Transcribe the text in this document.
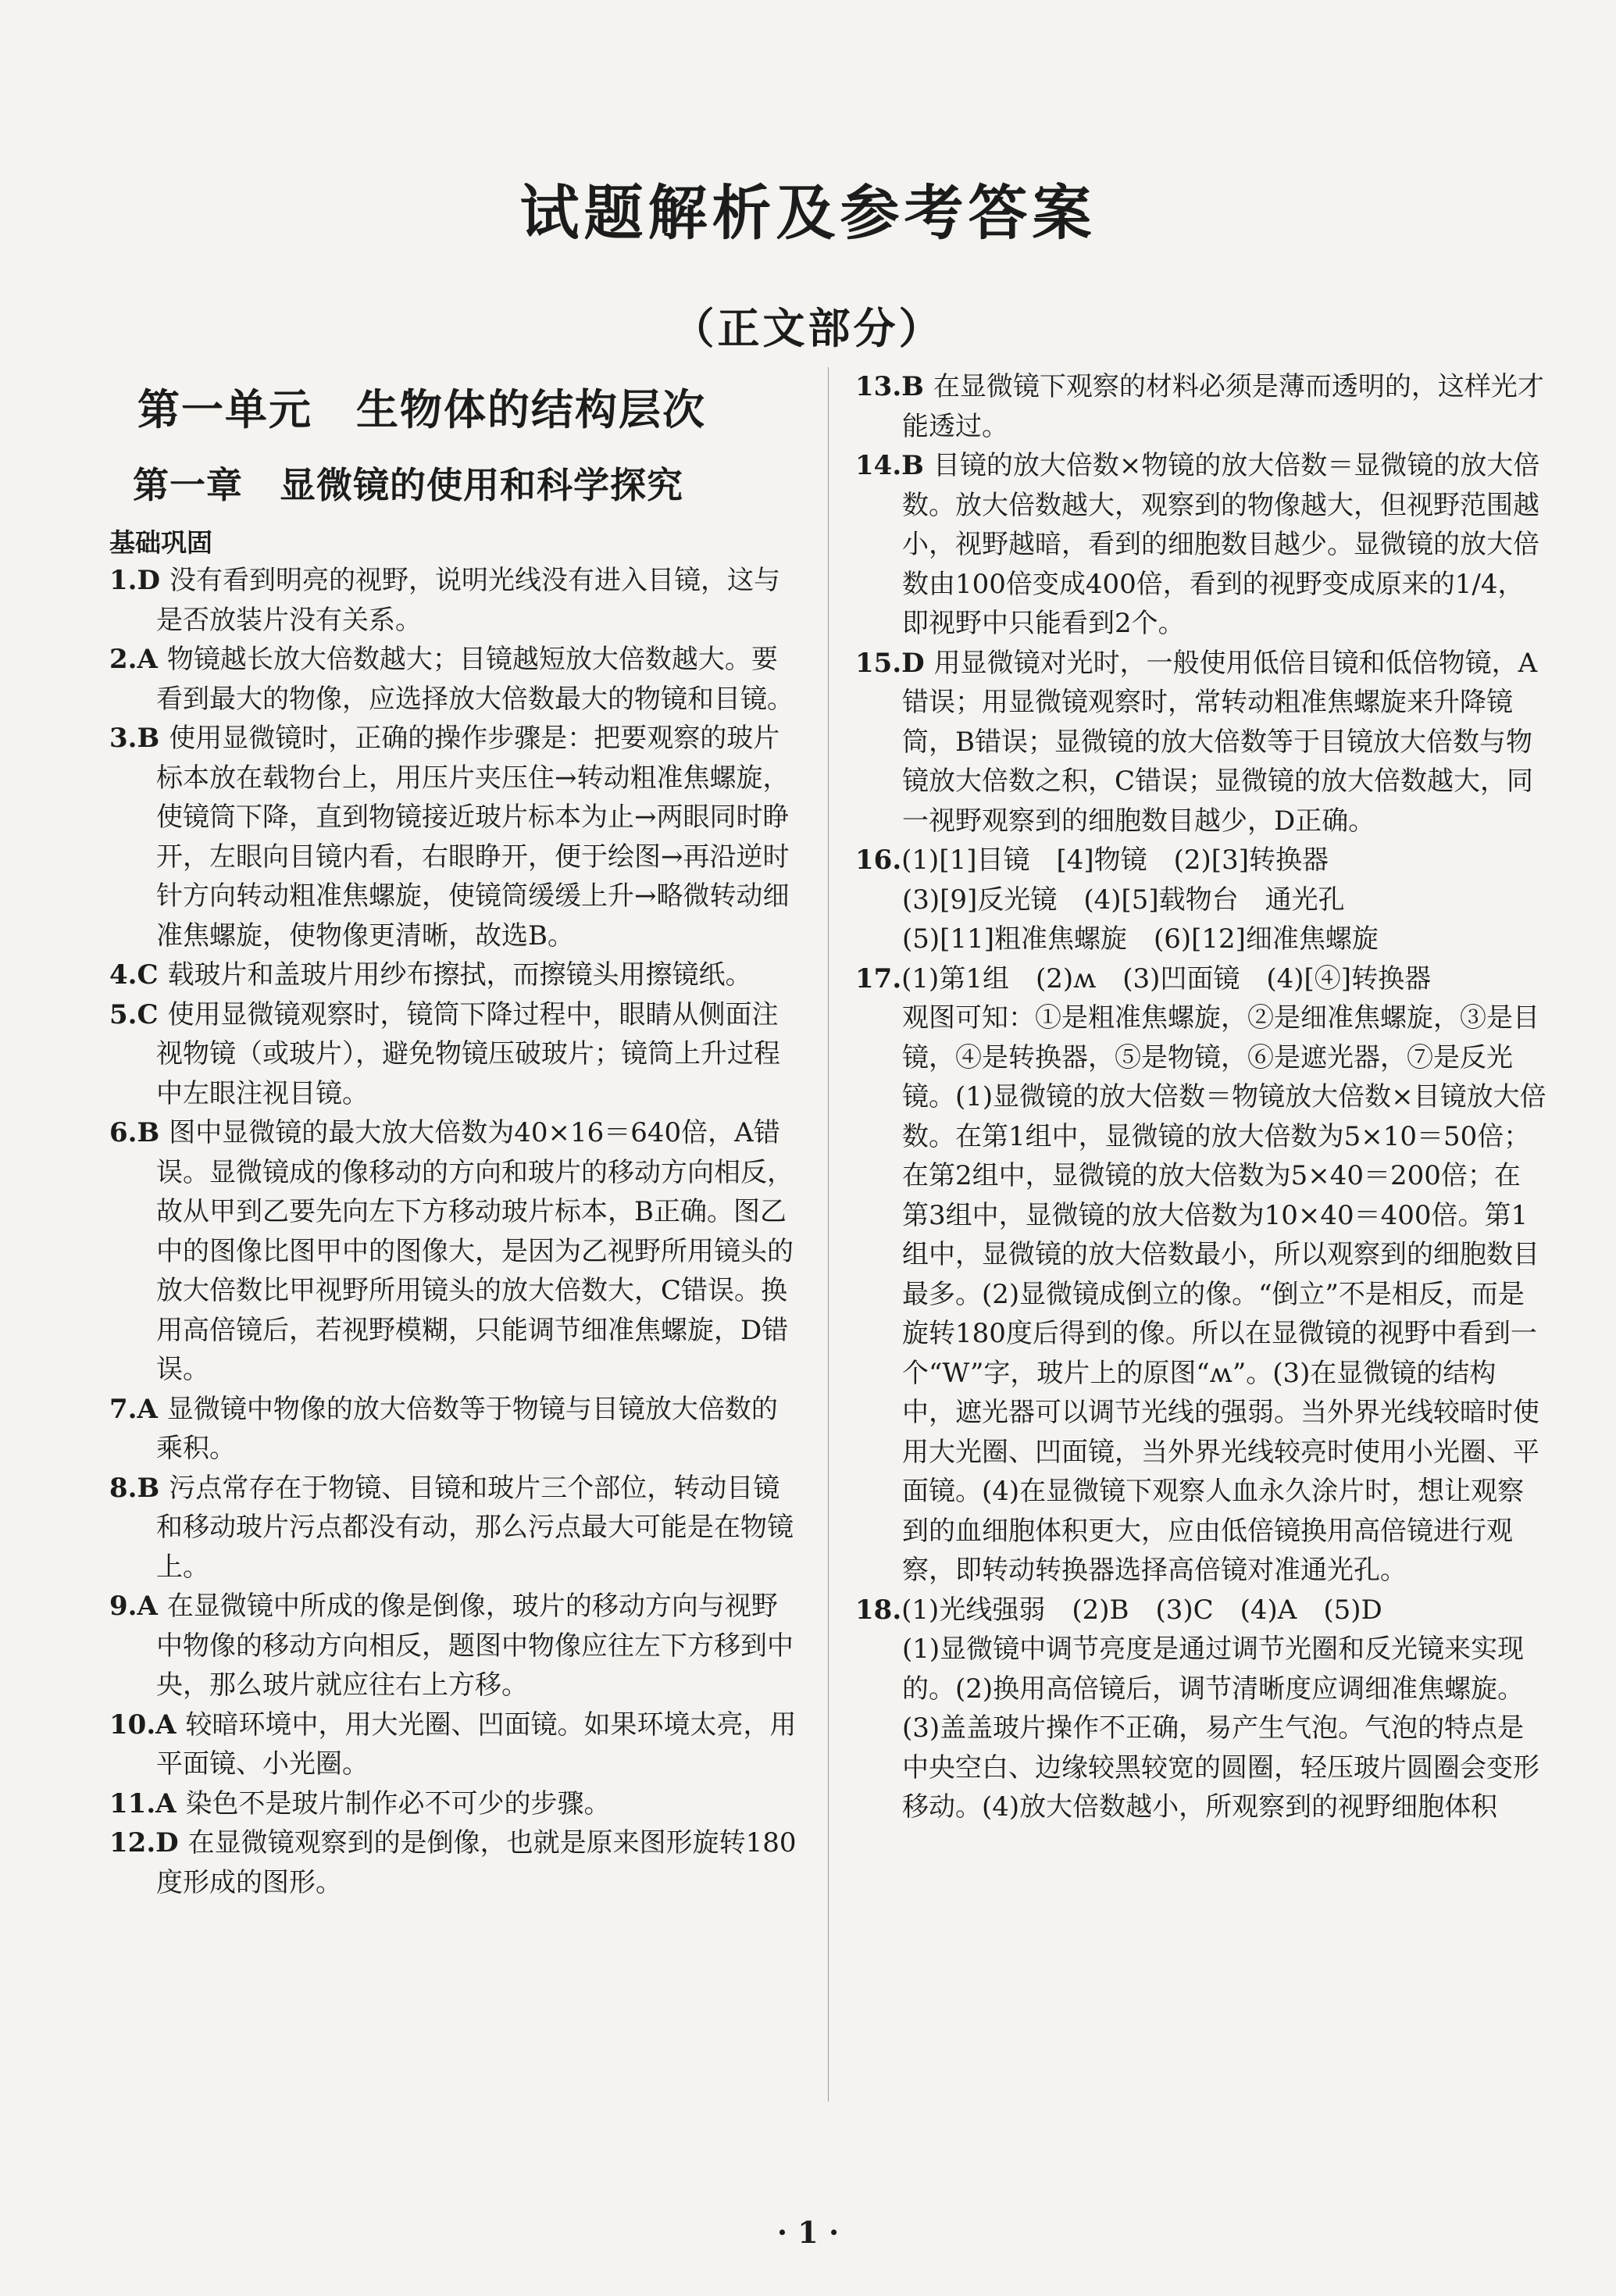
试题解析及参考答案
（正文部分）
第一单元　生物体的结构层次
第一章　显微镜的使用和科学探究
基础巩固

1.D 没有看到明亮的视野，说明光线没有进入目镜，这与是否放装片没有关系。

2.A 物镜越长放大倍数越大；目镜越短放大倍数越大。要看到最大的物像，应选择放大倍数最大的物镜和目镜。

3.B 使用显微镜时，正确的操作步骤是：把要观察的玻片标本放在载物台上，用压片夹压住→转动粗准焦螺旋，使镜筒下降，直到物镜接近玻片标本为止→两眼同时睁开，左眼向目镜内看，右眼睁开，便于绘图→再沿逆时针方向转动粗准焦螺旋，使镜筒缓缓上升→略微转动细准焦螺旋，使物像更清晰，故选B。

4.C 载玻片和盖玻片用纱布擦拭，而擦镜头用擦镜纸。

5.C 使用显微镜观察时，镜筒下降过程中，眼睛从侧面注视物镜（或玻片），避免物镜压破玻片；镜筒上升过程中左眼注视目镜。

6.B 图中显微镜的最大放大倍数为40×16＝640倍，A错误。显微镜成的像移动的方向和玻片的移动方向相反，故从甲到乙要先向左下方移动玻片标本，B正确。图乙中的图像比图甲中的图像大，是因为乙视野所用镜头的放大倍数比甲视野所用镜头的放大倍数大，C错误。换用高倍镜后，若视野模糊，只能调节细准焦螺旋，D错误。

7.A 显微镜中物像的放大倍数等于物镜与目镜放大倍数的乘积。

8.B 污点常存在于物镜、目镜和玻片三个部位，转动目镜和移动玻片污点都没有动，那么污点最大可能是在物镜上。

9.A 在显微镜中所成的像是倒像，玻片的移动方向与视野中物像的移动方向相反，题图中物像应往左下方移到中央，那么玻片就应往右上方移。

10.A 较暗环境中，用大光圈、凹面镜。如果环境太亮，用平面镜、小光圈。

11.A 染色不是玻片制作必不可少的步骤。

12.D 在显微镜观察到的是倒像，也就是原来图形旋转180度形成的图形。

13.B 在显微镜下观察的材料必须是薄而透明的，这样光才能透过。

14.B 目镜的放大倍数×物镜的放大倍数＝显微镜的放大倍数。放大倍数越大，观察到的物像越大，但视野范围越小，视野越暗，看到的细胞数目越少。显微镜的放大倍数由100倍变成400倍，看到的视野变成原来的1/4，即视野中只能看到2个。

15.D 用显微镜对光时，一般使用低倍目镜和低倍物镜，A错误；用显微镜观察时，常转动粗准焦螺旋来升降镜筒，B错误；显微镜的放大倍数等于目镜放大倍数与物镜放大倍数之积，C错误；显微镜的放大倍数越大，同一视野观察到的细胞数目越少，D正确。

16.(1)[1]目镜　[4]物镜　(2)[3]转换器

(3)[9]反光镜　(4)[5]载物台　通光孔

(5)[11]粗准焦螺旋　(6)[12]细准焦螺旋

17.(1)第1组　(2)ʍ　(3)凹面镜　(4)[④]转换器

观图可知：①是粗准焦螺旋，②是细准焦螺旋，③是目镜，④是转换器，⑤是物镜，⑥是遮光器，⑦是反光镜。(1)显微镜的放大倍数＝物镜放大倍数×目镜放大倍数。在第1组中，显微镜的放大倍数为5×10＝50倍；在第2组中，显微镜的放大倍数为5×40＝200倍；在第3组中，显微镜的放大倍数为10×40＝400倍。第1组中，显微镜的放大倍数最小，所以观察到的细胞数目最多。(2)显微镜成倒立的像。“倒立”不是相反，而是旋转180度后得到的像。所以在显微镜的视野中看到一个“W”字，玻片上的原图“ʍ”。(3)在显微镜的结构中，遮光器可以调节光线的强弱。当外界光线较暗时使用大光圈、凹面镜，当外界光线较亮时使用小光圈、平面镜。(4)在显微镜下观察人血永久涂片时，想让观察到的血细胞体积更大，应由低倍镜换用高倍镜进行观察，即转动转换器选择高倍镜对准通光孔。

18.(1)光线强弱　(2)B　(3)C　(4)A　(5)D

(1)显微镜中调节亮度是通过调节光圈和反光镜来实现的。(2)换用高倍镜后，调节清晰度应调细准焦螺旋。(3)盖盖玻片操作不正确，易产生气泡。气泡的特点是中央空白、边缘较黑较宽的圆圈，轻压玻片圆圈会变形移动。(4)放大倍数越小，所观察到的视野细胞体积

· 1 ·
